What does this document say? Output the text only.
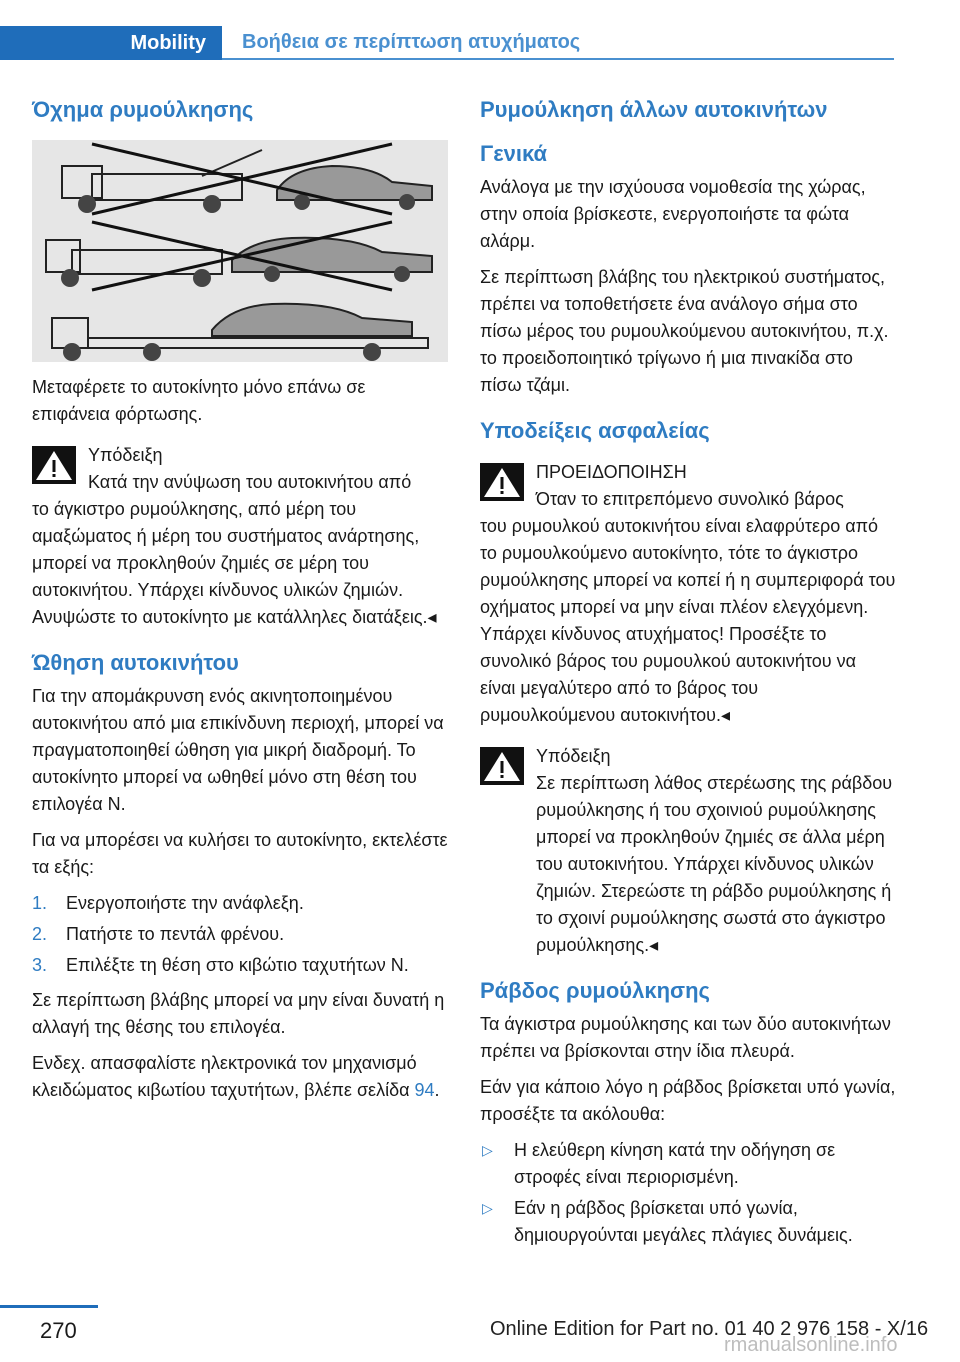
Mobility	Βοήθεια σε περίπτωση ατυχήματος
Όχημα ρυμούλκησης

Μεταφέρετε το αυτοκίνητο μόνο επάνω σε επιφάνεια φόρτωσης.

Υπόδειξη

Κατά την ανύψωση του αυτοκινήτου από

το άγκιστρο ρυμούλκησης, από μέρη του αμαξώματος ή μέρη του συστήματος ανάρτησης, μπορεί να προκληθούν ζημιές σε μέρη του αυτοκινήτου. Υπάρχει κίνδυνος υλικών ζημιών. Ανυψώστε το αυτοκίνητο με κατάλληλες διατάξεις.◂

Ώθηση αυτοκινήτου

Για την απομάκρυνση ενός ακινητοποιημένου αυτοκινήτου από μια επικίνδυνη περιοχή, μπορεί να πραγματοποιηθεί ώθηση για μικρή διαδρομή. Το αυτοκίνητο μπορεί να ωθηθεί μόνο στη θέση του επιλογέα N.

Για να μπορέσει να κυλήσει το αυτοκίνητο, εκτελέστε τα εξής:

1. Ενεργοποιήστε την ανάφλεξη.
2. Πατήστε το πεντάλ φρένου.
3. Επιλέξτε τη θέση στο κιβώτιο ταχυτήτων N.

Σε περίπτωση βλάβης μπορεί να μην είναι δυνατή η αλλαγή της θέσης του επιλογέα.

Ενδεχ. απασφαλίστε ηλεκτρονικά τον μηχανισμό κλειδώματος κιβωτίου ταχυτήτων, βλέπε σελίδα 94.

Ρυμούλκηση άλλων αυτοκινήτων
Γενικά

Ανάλογα με την ισχύουσα νομοθεσία της χώρας, στην οποία βρίσκεστε, ενεργοποιήστε τα φώτα αλάρμ.

Σε περίπτωση βλάβης του ηλεκτρικού συστήματος, πρέπει να τοποθετήσετε ένα ανάλογο σήμα στο πίσω μέρος του ρυμουλκούμενου αυτοκινήτου, π.χ. το προειδοποιητικό τρίγωνο ή μια πινακίδα στο πίσω τζάμι.

Υποδείξεις ασφαλείας

ΠΡΟΕΙΔΟΠΟΙΗΣΗ

Όταν το επιτρεπόμενο συνολικό βάρος

του ρυμουλκού αυτοκινήτου είναι ελαφρύτερο από το ρυμουλκούμενο αυτοκίνητο, τότε το άγκιστρο ρυμούλκησης μπορεί να κοπεί ή η συμπεριφορά του οχήματος μπορεί να μην είναι πλέον ελεγχόμενη. Υπάρχει κίνδυνος ατυχήματος! Προσέξτε το συνολικό βάρος του ρυμουλκού αυτοκινήτου να είναι μεγαλύτερο από το βάρος του ρυμουλκούμενου αυτοκινήτου.◂

Υπόδειξη

Σε περίπτωση λάθος στερέωσης της ράβδου ρυμούλκησης ή του σχοινιού ρυμούλκησης μπορεί να προκληθούν ζημιές σε άλλα μέρη του αυτοκινήτου. Υπάρχει κίνδυνος υλικών ζημιών. Στερεώστε τη ράβδο ρυμούλκησης ή το σχοινί ρυμούλκησης σωστά στο άγκιστρο ρυμούλκησης.◂

Ράβδος ρυμούλκησης

Τα άγκιστρα ρυμούλκησης και των δύο αυτοκινήτων πρέπει να βρίσκονται στην ίδια πλευρά.

Εάν για κάποιο λόγο η ράβδος βρίσκεται υπό γωνία, προσέξτε τα ακόλουθα:

▷ Η ελεύθερη κίνηση κατά την οδήγηση σε στροφές είναι περιορισμένη.
▷ Εάν η ράβδος βρίσκεται υπό γωνία, δημιουργούνται μεγάλες πλάγιες δυνάμεις.
270	Online Edition for Part no. 01 40 2 976 158 - X/16
rmanualsonline.info
